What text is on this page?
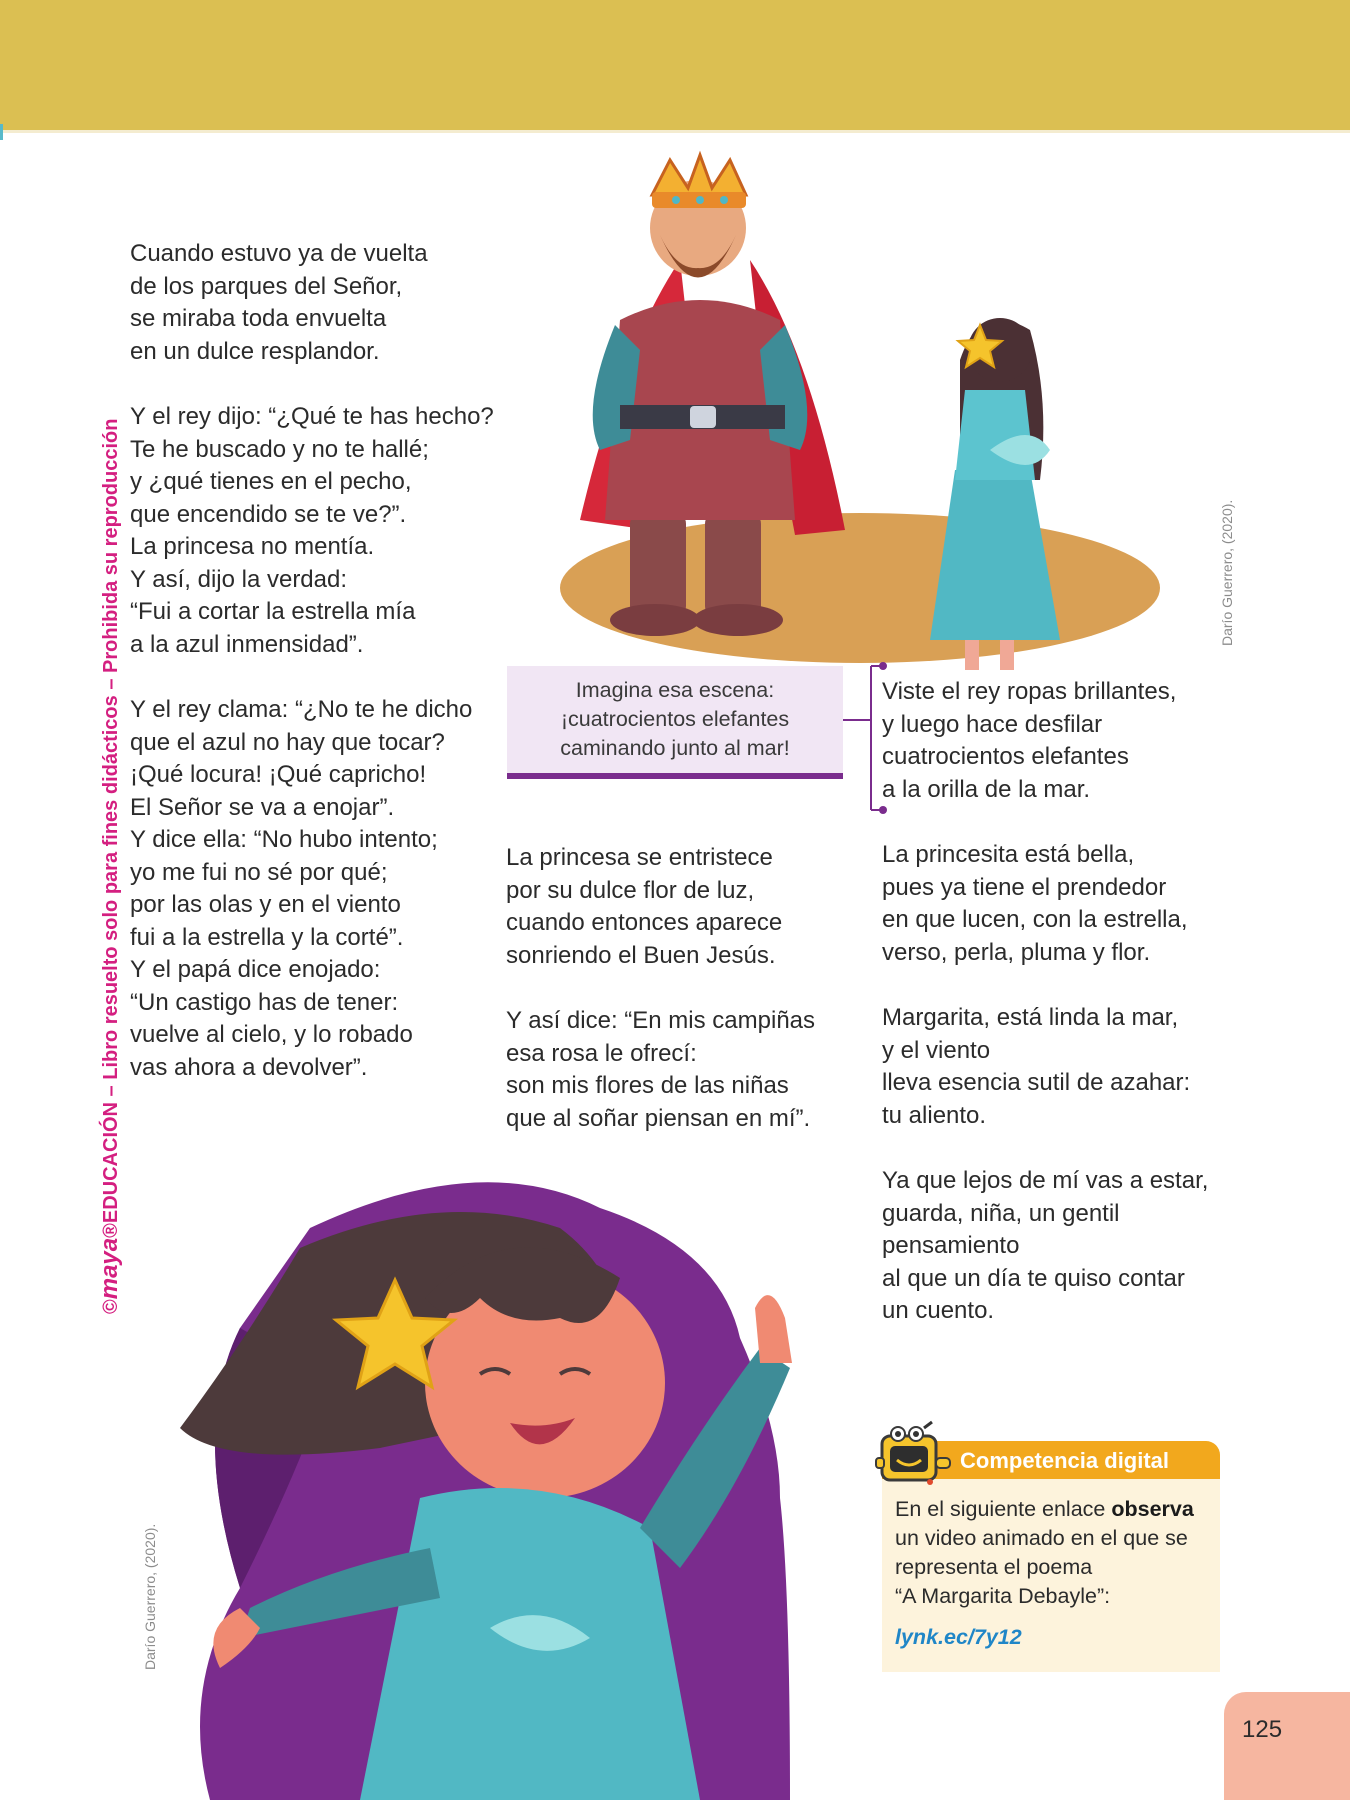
©maya®EDUCACIÓN – Libro resuelto solo para fines didácticos – Prohibida su reproducción	Darío Guerrero, (2020).
Darío Guerrero, (2020).
Cuando estuvo ya de vuelta
de los parques del Señor,
se miraba toda envuelta
en un dulce resplandor.
Y el rey dijo: “¿Qué te has hecho?
Te he buscado y no te hallé;
y ¿qué tienes en el pecho,
que encendido se te ve?”.
La princesa no mentía.
Y así, dijo la verdad:
“Fui a cortar la estrella mía
a la azul inmensidad”.
Y el rey clama: “¿No te he dicho
que el azul no hay que tocar?
¡Qué locura! ¡Qué capricho!
El Señor se va a enojar”.
Y dice ella: “No hubo intento;
yo me fui no sé por qué;
por las olas y en el viento
fui a la estrella y la corté”.
Y el papá dice enojado:
“Un castigo has de tener:
vuelve al cielo, y lo robado
vas ahora a devolver”.
Imagina esa escena:
¡cuatrocientos elefantes
caminando junto al mar!
La princesa se entristece
por su dulce flor de luz,
cuando entonces aparece
sonriendo el Buen Jesús.
Y así dice: “En mis campiñas
esa rosa le ofrecí:
son mis flores de las niñas
que al soñar piensan en mí”.
Viste el rey ropas brillantes,
y luego hace desfilar
cuatrocientos elefantes
a la orilla de la mar.
La princesita está bella,
pues ya tiene el prendedor
en que lucen, con la estrella,
verso, perla, pluma y flor.
Margarita, está linda la mar,
y el viento
lleva esencia sutil de azahar:
tu aliento.
Ya que lejos de mí vas a estar,
guarda, niña, un gentil
pensamiento
al que un día te quiso contar
un cuento.
Competencia digital
En el siguiente enlace observa
un video animado en el que se
representa el poema
“A Margarita Debayle”:
lynk.ec/7y12
125
